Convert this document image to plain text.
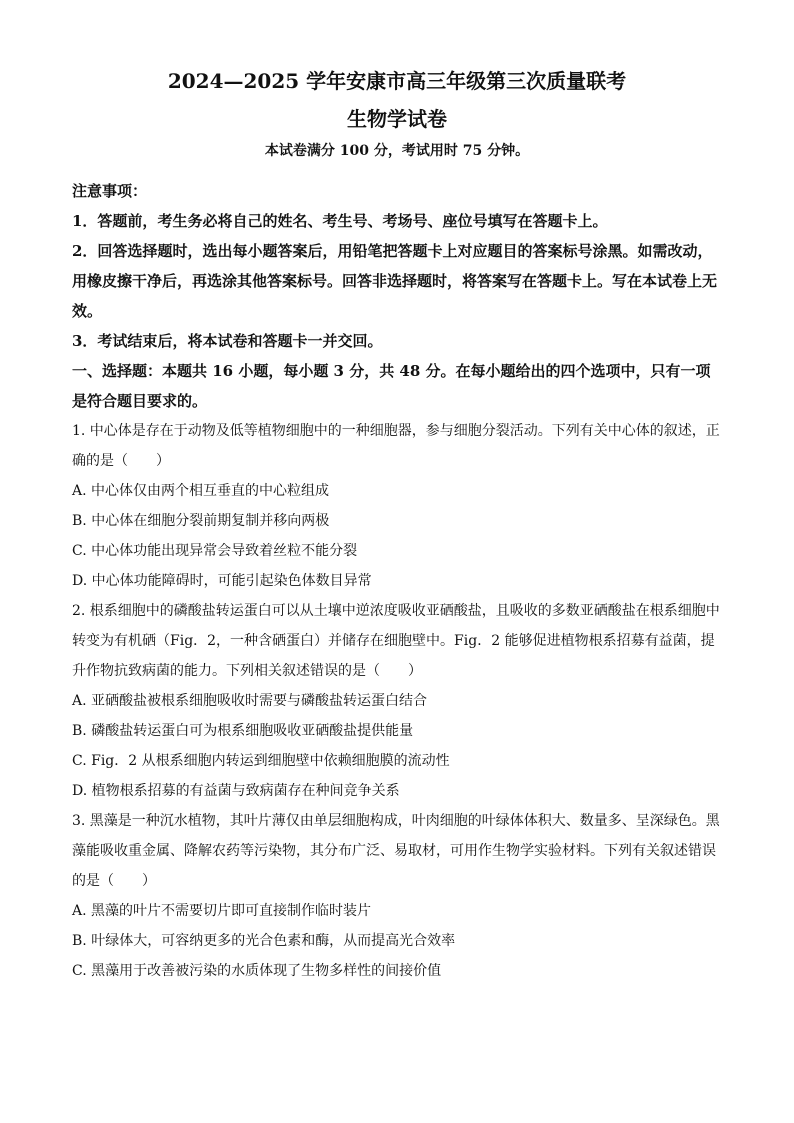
2024—2025 学年安康市高三年级第三次质量联考

生物学试卷

本试卷满分 100 分，考试用时 75 分钟。

注意事项：

1．答题前，考生务必将自己的姓名、考生号、考场号、座位号填写在答题卡上。

2．回答选择题时，选出每小题答案后，用铅笔把答题卡上对应题目的答案标号涂黑。如需改动，用橡皮擦干净后，再选涂其他答案标号。回答非选择题时，将答案写在答题卡上。写在本试卷上无效。

3．考试结束后，将本试卷和答题卡一并交回。

一、选择题：本题共 16 小题，每小题 3 分，共 48 分。在每小题给出的四个选项中，只有一项是符合题目要求的。

1. 中心体是存在于动物及低等植物细胞中的一种细胞器，参与细胞分裂活动。下列有关中心体的叙述，正确的是（　　）

A. 中心体仅由两个相互垂直的中心粒组成

B. 中心体在细胞分裂前期复制并移向两极

C. 中心体功能出现异常会导致着丝粒不能分裂

D. 中心体功能障碍时，可能引起染色体数目异常

2. 根系细胞中的磷酸盐转运蛋白可以从土壤中逆浓度吸收亚硒酸盐，且吸收的多数亚硒酸盐在根系细胞中转变为有机硒（Fig．2，一种含硒蛋白）并储存在细胞壁中。Fig．2 能够促进植物根系招募有益菌，提升作物抗致病菌的能力。下列相关叙述错误的是（　　）

A. 亚硒酸盐被根系细胞吸收时需要与磷酸盐转运蛋白结合

B. 磷酸盐转运蛋白可为根系细胞吸收亚硒酸盐提供能量

C. Fig．2 从根系细胞内转运到细胞壁中依赖细胞膜的流动性

D. 植物根系招募的有益菌与致病菌存在种间竞争关系

3. 黑藻是一种沉水植物，其叶片薄仅由单层细胞构成，叶肉细胞的叶绿体体积大、数量多、呈深绿色。黑藻能吸收重金属、降解农药等污染物，其分布广泛、易取材，可用作生物学实验材料。下列有关叙述错误的是（　　）

A. 黑藻的叶片不需要切片即可直接制作临时装片

B. 叶绿体大，可容纳更多的光合色素和酶，从而提高光合效率

C. 黑藻用于改善被污染的水质体现了生物多样性的间接价值
